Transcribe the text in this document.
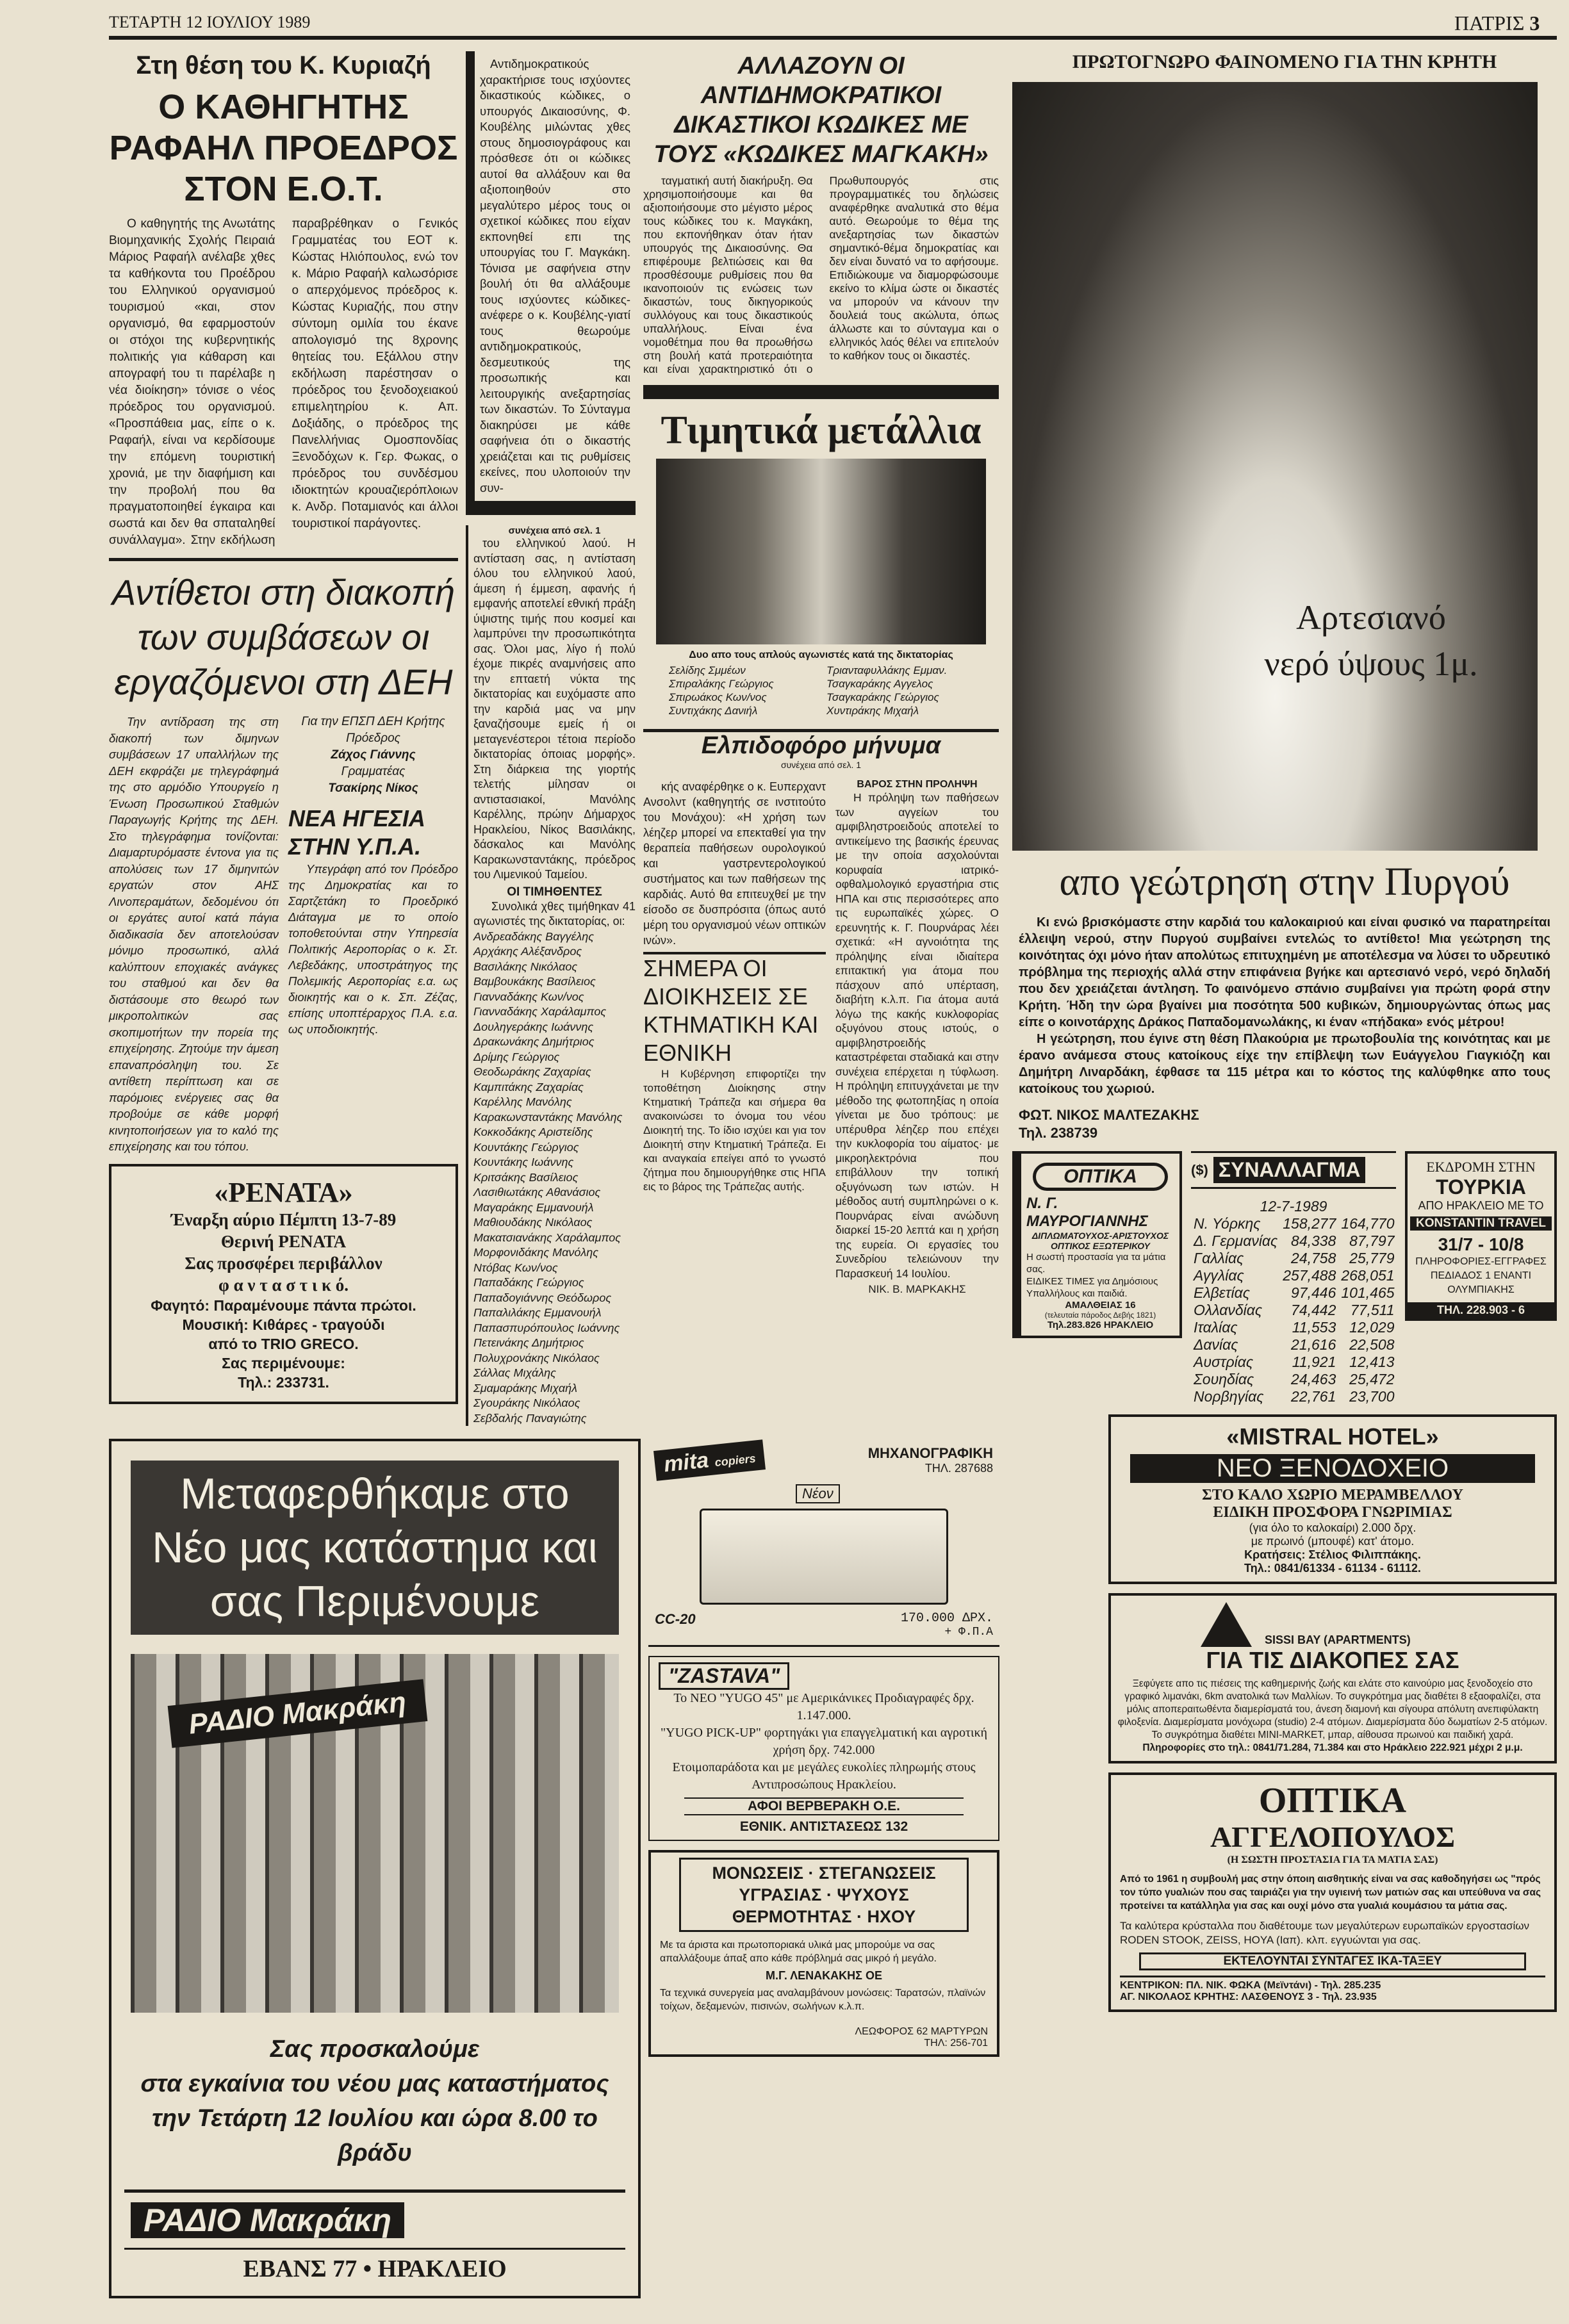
ΤΕΤΑΡΤΗ 12 ΙΟΥΛΙΟΥ 1989	ΠΑΤΡΙΣ 3
Στη θέση του Κ. Κυριαζή
Ο ΚΑΘΗΓΗΤΗΣ ΡΑΦΑΗΛ ΠΡΟΕΔΡΟΣ ΣΤΟΝ Ε.Ο.Τ.
Ο καθηγητής της Ανωτάτης Βιομηχανικής Σχολής Πειραιά Μάριος Ραφαήλ ανέλαβε χθες τα καθήκοντα του Προέδρου του Ελληνικού οργανισμού τουρισμού «και, στον οργανισμό, θα εφαρμοστούν οι στόχοι της κυβερνητικής πολιτικής για κάθαρση και απογραφή του τι παρέλαβε η νέα διοίκηση» τόνισε ο νέος πρόεδρος του οργανισμού. «Προσπάθεια μας, είπε ο κ. Ραφαήλ, είναι να κερδίσουμε την επόμενη τουριστική χρονιά, με την διαφήμιση και την προβολή που θα πραγματοποιηθεί έγκαιρα και σωστά και δεν θα σπαταληθεί συνάλλαγμα». Στην εκδήλωση παραβρέθηκαν ο Γενικός Γραμματέας του ΕΟΤ κ. Κώστας Ηλιόπουλος, ενώ τον κ. Μάριο Ραφαήλ καλωσόρισε ο απερχόμενος πρόεδρος κ. Κώστας Κυριαζής, που στην σύντομη ομιλία του έκανε απολογισμό της 8χρονης θητείας του. Εξάλλου στην εκδήλωση παρέστησαν ο πρόεδρος του ξενοδοχειακού επιμελητηρίου κ. Απ. Δοξιάδης, ο πρόεδρος της Πανελλήνιας Ομοσπονδίας Ξενοδόχων κ. Γερ. Φωκας, ο πρόεδρος του συνδέσμου ιδιοκτητών κρουαζιερόπλοιων κ. Ανδρ. Ποταμιανός και άλλοι τουριστικοί παράγοντες.
Αντίθετοι στη διακοπή των συμβάσεων οι εργαζόμενοι στη ΔΕΗ
Την αντίδραση της στη διακοπή των διμηνων συμβάσεων 17 υπαλλήλων της ΔΕΗ εκφράζει με τηλεγράφημά της στο αρμόδιο Υπουργείο η Ένωση Προσωπικού Σταθμών Παραγωγής Κρήτης της ΔΕΗ. Στο τηλεγράφημα τονίζονται: Διαμαρτυρόμαστε έντονα για τις απολύσεις των 17 διμηνιτών εργατών στον ΑΗΣ Λινοπεραμάτων, δεδομένου ότι οι εργάτες αυτοί κατά πάγια διαδικασία δεν αποτελούσαν μόνιμο προσωπικό, αλλά καλύπτουν εποχιακές ανάγκες του σταθμού και δεν θα διστάσουμε στο θεωρό των μικροπολιτικών σας σκοπιμοτήτων την πορεία της επιχείρησης. Ζητούμε την άμεση επαναπρόσληψη του. Σε αντίθετη περίπτωση και σε παρόμοιες ενέργειες σας θα προβούμε σε κάθε μορφή κινητοποιήσεων για το καλό της επιχείρησης και του τόπου.
Για την ΕΠΣΠ ΔΕΗ Κρήτης
Πρόεδρος
Ζάχος Γιάννης
Γραμματέας
Τσακίρης Νίκος
ΝΕΑ ΗΓΕΣΙΑ ΣΤΗΝ Υ.Π.Α.
Υπεγράφη από τον Πρόεδρο της Δημοκρατίας και το Σαρτζετάκη το Προεδρικό Διάταγμα με το οποίο τοποθετούνται στην Υπηρεσία Πολιτικής Αεροπορίας ο κ. Στ. Λεβεδάκης, υποστράτηγος της Πολεμικής Αεροπορίας ε.α. ως διοικητής και ο κ. Σπ. Ζέζας, επίσης υποπτέραρχος Π.Α. ε.α. ως υποδιοικητής.
«ΡΕΝΑΤΑ»
Έναρξη αύριο Πέμπτη 13-7-89
Θερινή ΡΕΝΑΤΑ
Σας προσφέρει περιβάλλον
φ α ν τ α σ τ ι κ ό.
Φαγητό: Παραμένουμε πάντα πρώτοι.
Μουσική: Κιθάρες - τραγούδι
από το TRIO GRECO.
Σας περιμένουμε:
Τηλ.: 233731.
Αντιδημοκρατικούς χαρακτήρισε τους ισχύοντες δικαστικούς κώδικες, ο υπουργός Δικαιοσύνης, Φ. Κουβέλης μιλώντας χθες στους δημοσιογράφους και πρόσθεσε ότι οι κώδικες αυτοί θα αλλάξουν και θα αξιοποιηθούν στο μεγαλύτερο μέρος τους οι σχετικοί κώδικες που είχαν εκπονηθεί επι της υπουργίας του Γ. Μαγκάκη. Τόνισα με σαφήνεια στην βουλή ότι θα αλλάξουμε τους ισχύοντες κώδικες-ανέφερε ο κ. Κουβέλης-γιατί τους θεωρούμε αντιδημοκρατικούς, δεσμευτικούς της προσωπικής και λειτουργικής ανεξαρτησίας των δικαστών. Το Σύνταγμα διακηρύσει με κάθε σαφήνεια ότι ο δικαστής χρειάζεται και τις ρυθμίσεις εκείνες, που υλοποιούν την συν-
συνέχεια από σελ. 1
του ελληνικού λαού. Η αντίσταση σας, η αντίσταση όλου του ελληνικού λαού, άμεση ή έμμεση, αφανής ή εμφανής αποτελεί εθνική πράξη ύψιστης τιμής που κοσμεί και λαμπρύνει την προσωπικότητα σας. Όλοι μας, λίγο ή πολύ έχομε πικρές αναμνήσεις απο την επταετή νύκτα της δικτατορίας και ευχόμαστε απο την καρδιά μας να μην ξαναζήσουμε εμείς ή οι μεταγενέστεροι τέτοια περίοδο δικτατορίας όποιας μορφής». Στη διάρκεια της γιορτής τελετής μίλησαν οι αντιστασιακοί, Μανόλης Καρέλλης, πρώην Δήμαρχος Ηρακλείου, Νίκος Βασιλάκης, δάσκαλος και Μανόλης Καρακωνσταντάκης, πρόεδρος του Λιμενικού Ταμείου.
ΟΙ ΤΙΜΗΘΕΝΤΕΣ
Συνολικά χθες τιμήθηκαν 41 αγωνιστές της δικτατορίας, οι:
Ανδρεαδάκης Βαγγέλης
Αρχάκης Αλέξανδρος
Βασιλάκης Νικόλαος
Βαμβουκάκης Βασίλειος
Γιανναδάκης Κων/νος
Γιανναδάκης Χαράλαμπος
Δουληγεράκης Ιωάννης
Δρακωνάκης Δημήτριος
Δρίμης Γεώργιος
Θεοδωράκης Ζαχαρίας
Καμπιτάκης Ζαχαρίας
Καρέλλης Μανόλης
Καρακωνσταντάκης Μανόλης
Κοκκοδάκης Αριστείδης
Κουντάκης Γεώργιος
Κουντάκης Ιωάννης
Κριτσάκης Βασίλειος
Λασιθιωτάκης Αθανάσιος
Μαγαράκης Εμμανουήλ
Μαθιουδάκης Νικόλαος
Μακατσιανάκης Χαράλαμπος
Μορφονιδάκης Μανόλης
Ντόβας Κων/νος
Παπαδάκης Γεώργιος
Παπαδογιάννης Θεόδωρος
Παπαλιλάκης Εμμανουήλ
Παπασπυρόπουλος Ιωάννης
Πετεινάκης Δημήτριος
Πολυχρονάκης Νικόλαος
Σάλλας Μιχάλης
Σμαμαράκης Μιχαήλ
Σγουράκης Νικόλαος
Σεβδαλής Παναγιώτης
ΑΛΛΑΖΟΥΝ ΟΙ ΑΝΤΙΔΗΜΟΚΡΑΤΙΚΟΙ ΔΙΚΑΣΤΙΚΟΙ ΚΩΔΙΚΕΣ ΜΕ ΤΟΥΣ «ΚΩΔΙΚΕΣ ΜΑΓΚΑΚΗ»
ταγματική αυτή διακήρυξη. Θα χρησιμοποιήσουμε και θα αξιοποιήσουμε στο μέγιστο μέρος τους κώδικες του κ. Μαγκάκη, που εκπονήθηκαν όταν ήταν υπουργός της Δικαιοσύνης. Θα επιφέρουμε βελτιώσεις και θα προσθέσουμε ρυθμίσεις που θα ικανοποιούν τις ενώσεις των δικαστών, τους δικηγορικούς συλλόγους και τους δικαστικούς υπαλλήλους. Είναι ένα νομοθέτημα που θα προωθήσω στη βουλή κατά προτεραιότητα και είναι χαρακτηριστικό ότι ο Πρωθυπουργός στις προγραμματικές του δηλώσεις αναφέρθηκε αναλυτικά στο θέμα αυτό. Θεωρούμε το θέμα της ανεξαρτησίας των δικαστών σημαντικό-θέμα δημοκρατίας και δεν είναι δυνατό να το αφήσουμε. Επιδιώκουμε να διαμορφώσουμε εκείνο το κλίμα ώστε οι δικαστές να μπορούν να κάνουν την δουλειά τους ακώλυτα, όπως άλλωστε και το σύνταγμα και ο ελληνικός λαός θέλει να επιτελούν το καθήκον τους οι δικαστές.
Τιμητικά μετάλλια
Δυο απο τους απλούς αγωνιστές κατά της δικτατορίας
Σελίδης Σμμέων
Σπιραλάκης Γεώργιος
Σπιρωάκος Κων/νος
Συντιχάκης Δανιήλ
Τριανταφυλλάκης Εμμαν.
Τσαγκαράκης Αγγελος
Τσαγκαράκης Γεώργιος
Χυντιράκης Μιχαήλ
Ελπιδοφόρο μήνυμα
συνέχεια από σελ. 1
κής αναφέρθηκε ο κ. Ευπερχαντ Ανσολντ (καθηγητής σε ινστιτούτο του Μονάχου): «Η χρήση των λέηζερ μπορεί να επεκταθεί για την θεραπεία παθήσεων ουρολογικού και γαστρεντερολογικού συστήματος και των παθήσεων της καρδιάς. Αυτό θα επιτευχθεί με την είσοδο σε δυσπρόσιτα (όπως αυτό μέρη του οργανισμού νέων οπτικών ινών».
ΣΗΜΕΡΑ ΟΙ ΔΙΟΙΚΗΣΕΙΣ ΣΕ ΚΤΗΜΑΤΙΚΗ ΚΑΙ ΕΘΝΙΚΗ
Η Κυβέρνηση επιφορτίζει την τοποθέτηση Διοίκησης στην Κτηματική Τράπεζα και σήμερα θα ανακοινώσει το όνομα του νέου Διοικητή της. Το ίδιο ισχύει και για τον Διοικητή στην Κτηματική Τράπεζα. Ει και αναγκαία επείγει από το γνωστό ζήτημα που δημιουργήθηκε στις ΗΠΑ εις το βάρος της Τράπεζας αυτής.
ΒΑΡΟΣ ΣΤΗΝ ΠΡΟΛΗΨΗ
Η πρόληψη των παθήσεων των αγγείων του αμφιβληστροειδούς αποτελεί το αντικείμενο της βασικής έρευνας με την οποία ασχολούνται κορυφαία ιατρικό-οφθαλμολογικό εργαστήρια στις ΗΠΑ και στις περισσότερες απο τις ευρωπαϊκές χώρες. Ο ερευνητής κ. Γ. Πουρνάρας λέει σχετικά: «Η αγνοιότητα της πρόληψης είναι ιδιαίτερα επιτακτική για άτομα που πάσχουν από υπέρταση, διαβήτη κ.λ.π. Για άτομα αυτά λόγω της κακής κυκλοφορίας οξυγόνου στους ιστούς, ο αμφιβληστροειδής καταστρέφεται σταδιακά και στην συνέχεια επέρχεται η τύφλωση. Η πρόληψη επιτυγχάνεται με την μέθοδο της φωτοπηξίας η οποία γίνεται με δυο τρόπους: με υπέρυθρα λέηζερ που επέχει την κυκλοφορία του αίματος· με μικροηλεκτρόνια που επιβάλλουν την τοπική οξυγόνωση των ιστών. Η μέθοδος αυτή συμπληρώνει ο κ. Πουρνάρας είναι ανώδυνη διαρκεί 15-20 λεπτά και η χρήση της ευρεία. Οι εργασίες του Συνεδρίου τελειώνουν την Παρασκευή 14 Ιουλίου.
ΝΙΚ. Β. ΜΑΡΚΑΚΗΣ
Μεταφερθήκαμε στο Νέο μας κατάστημα και σας Περιμένουμε
ΡΑΔΙΟ Μακράκη
Σας προσκαλούμε
στα εγκαίνια του νέου μας καταστήματος
την Τετάρτη 12 Ιουλίου και ώρα 8.00 το βράδυ
ΡΑΔΙΟ Μακράκη
ΕΒΑΝΣ 77 • ΗΡΑΚΛΕΙΟ
mita copiers	ΜΗΧΑΝΟΓΡΑΦΙΚΗ
ΤΗΛ. 287688
Νέον
CC-20	170.000 ΔΡΧ.
+ Φ.Π.Α
"ZASTAVA"
Το ΝΕΟ "YUGO 45" με Αμερικάνικες Προδιαγραφές δρχ. 1.147.000.
"YUGO PICK-UP" φορτηγάκι για επαγγελματική και αγροτική χρήση δρχ. 742.000
Ετοιμοπαράδοτα και με μεγάλες ευκολίες πληρωμής στους Αντιπροσώπους Ηρακλείου.
ΑΦΟΙ ΒΕΡΒΕΡΑΚΗ Ο.Ε.
ΕΘΝΙΚ. ΑΝΤΙΣΤΑΣΕΩΣ 132
ΜΟΝΩΣΕΙΣ · ΣΤΕΓΑΝΩΣΕΙΣ
ΥΓΡΑΣΙΑΣ · ΨΥΧΟΥΣ
ΘΕΡΜΟΤΗΤΑΣ · ΗΧΟΥ
Με τα άριστα και πρωτοποριακά υλικά μας μπορούμε να σας απαλλάξουμε άπαξ απο κάθε πρόβλημά σας μικρό ή μεγάλο.
Μ.Γ. ΛΕΝΑΚΑΚΗΣ ΟΕ
Τα τεχνικά συνεργεία μας αναλαμβάνουν μονώσεις: Ταρατσών, πλαϊνών τοίχων, δεξαμενών, πισινών, σωλήνων κ.λ.π.
ΛΕΩΦΟΡΟΣ 62 ΜΑΡΤΥΡΩΝ
ΤΗΛ: 256-701
ΠΡΩΤΟΓΝΩΡΟ ΦΑΙΝΟΜΕΝΟ ΓΙΑ ΤΗΝ ΚΡΗΤΗ
Αρτεσιανό
νερό ύψους 1μ.
απο γεώτρηση στην Πυργού

Κι ενώ βρισκόμαστε στην καρδιά του καλοκαιριού και είναι φυσικό να παρατηρείται έλλειψη νερού, στην Πυργού συμβαίνει εντελώς το αντίθετο! Μια γεώτρηση της κοινότητας όχι μόνο ήταν απολύτως επιτυχημένη με αποτέλεσμα να λύσει το υδρευτικό πρόβλημα της περιοχής αλλά στην επιφάνεια βγήκε και αρτεσιανό νερό, νερό δηλαδή που δεν χρειάζεται άντληση. Το φαινόμενο σπάνιο συμβαίνει για πρώτη φορά στην Κρήτη. Ήδη την ώρα βγαίνει μια ποσότητα 500 κυβικών, δημιουργώντας όπως μας είπε ο κοινοτάρχης Δράκος Παπαδομανωλάκης, κι έναν «πήδακα» ενός μέτρου!

Η γεώτρηση, που έγινε στη θέση Πλακούρια με πρωτοβουλία της κοινότητας και με έρανο ανάμεσα στους κατοίκους είχε την επίβλεψη των Ευάγγελου Γιαγκιόζη και Δημήτρη Λιναρδάκη, έφθασε τα 115 μέτρα και το κόστος της καλύφθηκε απο τους κατοίκους του χωριού.

ΦΩΤ. ΝΙΚΟΣ ΜΑΛΤΕΖΑΚΗΣ
Τηλ. 238739
ΟΠΤΙΚΑ
Ν. Γ. ΜΑΥΡΟΓΙΑΝΝΗΣ
ΔΙΠΛΩΜΑΤΟΥΧΟΣ-ΑΡΙΣΤΟΥΧΟΣ
ΟΠΤΙΚΟΣ ΕΞΩΤΕΡΙΚΟΥ
Η σωστή προστασία για τα μάτια σας.
ΕΙΔΙΚΕΣ ΤΙΜΕΣ για Δημόσιους Υπαλλήλους και παιδιά.
ΑΜΑΛΘΕΙΑΣ 16
(τελευταία πάροδος Δεβής 1821)
Τηλ.283.826 ΗΡΑΚΛΕΙΟ
($) ΣΥΝΑΛΛΑΓΜΑ
12-7-1989
Ν. Υόρκης	158,277	164,770
Δ. Γερμανίας	84,338	87,797
Γαλλίας	24,758	25,779
Αγγλίας	257,488	268,051
Ελβετίας	97,446	101,465
Ολλανδίας	74,442	77,511
Ιταλίας	11,553	12,029
Δανίας	21,616	22,508
Αυστρίας	11,921	12,413
Σουηδίας	24,463	25,472
Νορβηγίας	22,761	23,700
ΕΚΔΡΟΜΗ ΣΤΗΝ
ΤΟΥΡΚΙΑ
ΑΠΟ ΗΡΑΚΛΕΙΟ ΜΕ ΤΟ
KONSTANTIN TRAVEL
31/7 - 10/8
ΠΛΗΡΟΦΟΡΙΕΣ-ΕΓΓΡΑΦΕΣ
ΠΕΔΙΑΔΟΣ 1 ΕΝΑΝΤΙ
ΟΛΥΜΠΙΑΚΗΣ
ΤΗΛ. 228.903 - 6
«MISTRAL HOTEL»
ΝΕΟ ΞΕΝΟΔΟΧΕΙΟ
ΣΤΟ ΚΑΛΟ ΧΩΡΙΟ ΜΕΡΑΜΒΕΛΛΟΥ
ΕΙΔΙΚΗ ΠΡΟΣΦΟΡΑ ΓΝΩΡΙΜΙΑΣ
(για όλο το καλοκαίρι) 2.000 δρχ.
με πρωινό (μπουφέ) κατ' άτομο.
Κρατήσεις: Στέλιος Φιλιππάκης.
Τηλ.: 0841/61334 - 61134 - 61112.
SISSI BAY (APARTMENTS)
ΓΙΑ ΤΙΣ ΔΙΑΚΟΠΕΣ ΣΑΣ
Ξεφύγετε απο τις πιέσεις της καθημερινής ζωής και ελάτε στο καινούριο μας ξενοδοχείο στο γραφικό λιμανάκι, 6km ανατολικά των Μαλλίων. Το συγκρότημα μας διαθέτει 8 εξαοφαλίζει, στα μόλις αποπεραιτωθέντα διαμερίσματά του, άνεση διαμονή και σίγουρα απόλυτη ανεπιφύλακτη φιλοξενία. Διαμερίσματα μονόχωρα (studio) 2-4 ατόμων. Διαμερίσματα δύο δωματίων 2-5 ατόμων. Το συγκρότημα διαθέτει MINI-MARKET, μπαρ, αίθουσα πρωινού και παιδική χαρά.
Πληροφορίες στο τηλ.: 0841/71.284, 71.384 και στο Ηράκλειο 222.921 μέχρι 2 μ.μ.
ΟΠΤΙΚΑ
ΑΓΓΕΛΟΠΟΥΛΟΣ
(Η ΣΩΣΤΗ ΠΡΟΣΤΑΣΙΑ ΓΙΑ ΤΑ ΜΑΤΙΑ ΣΑΣ)
Από το 1961 η συμβουλή μας στην όποιη αισθητικής είναι να σας καθοδηγήσει ως "πρός τον τύπο γυαλιών που σας ταιριάζει για την υγιεινή των ματιών σας και υπεύθυνα να σας προτείνει τα κατάλληλα για σας και ουχί μόνο στα γυαλιά κουμάσιου τα μάτια σας.
Τα καλύτερα κρύσταλλα που διαθέτουμε των μεγαλύτερων ευρωπαϊκών εργοστασίων RODEN STOOK, ZEISS, HOYA (Ιαπ). κλπ. εγγυώνται για σας.
ΕΚΤΕΛΟΥΝΤΑΙ ΣΥΝΤΑΓΕΣ ΙΚΑ-ΤΑΞΕΥ
ΚΕΝΤΡΙΚΟΝ: ΠΛ. ΝΙΚ. ΦΩΚΑ (Μεϊντάνι) - Τηλ. 285.235
ΑΓ. ΝΙΚΟΛΑΟΣ ΚΡΗΤΗΣ: ΛΑΣΘΕΝΟΥΣ 3 - Τηλ. 23.935
